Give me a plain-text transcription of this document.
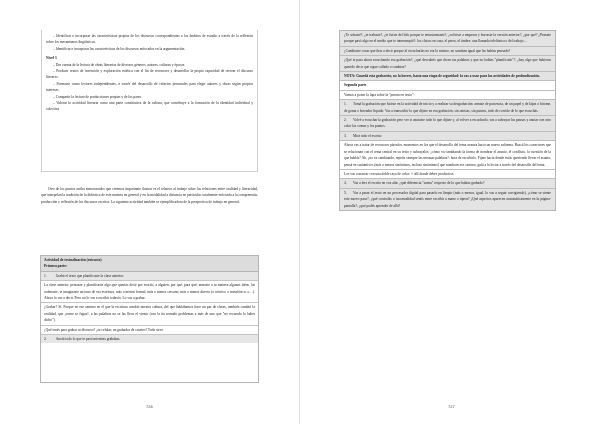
– Identificar e incorporar las características propias de los discursos correspondientes a los ámbitos de estudio a través de la reflexión sobre los mecanismos lingüísticos.
– Identificar e incorporar las características de los discursos enfocados en la argumentación.
Nivel 3
– Dar cuenta de la lectura de obras literarias de diversos géneros, autores, culturas y épocas.
– Producir textos de invención y exploración estética con el fin de reconocer y desarrollar la propia capacidad de recrear el discurso literario.
– Formarse como lectores independientes, a través del desarrollo de criterios personales para elegir autores y obras según propios intereses.
– Compartir la lectura de producciones propias y de los pares.
– Valorar la actividad literaria como una parte constitutiva de la cultura, que contribuye a la formación de la identidad individual y colectiva.
Otro de los puntos arriba mencionados que creemos importante ilustrar es el relativo al trabajo sobre las relaciones entre oralidad y literacidad, que interpelan la tradición de la didáctica de este materia en general y en la modalidad a distancia en particular, totalmente enfocada a la comprensión, producción y reflexión de los discursos escritos. La siguiente actividad también se ejemplificadora de la perspectiva de trabajo en general:
Actividad de textualización (extracto)
Primera parte:
1.	Grabá el texto que planificaste la clase anterior.
La clase anterior, pensaste y planificaste algo que querías decir por escrito, a alguien, por qué, para qué; armaste a tu manera algunas ideas, las ordenaste, te imaginaste un tono de esa escritura, más o menos formal, más o menos cercano, más o menos directo (o irónico, o metafórico, o…). Ahora lo vas a decir. Pero no lo vas a escribir todavía. Lo vas a grabar.
¿Grabar? Sí. Porque en ese camino en el que la escritura cambió nuestra cultura, del que hablábamos hace un par de clases, también cambió la oralidad, que ¡como se fugaz!: a las palabras no se las lleva el viento (con la tía tronado problemas a más de uno que "no recuerda lo haber dicho").
¿Qué tenés para grabar tu discurso? ¿tu celular, un grabador de casetes? Todo sirve.
2.	Anotá todo lo que te pasó mientras grababas.
726
¿Te sobasté?, ¿te trabaste?, ¿te fuiste del hilo porque te entusiasmaste?, ¿volviste a empezar y borraste la versión anterior?, ¿por qué? ¿Pensate porque pasó algo en el medio que te interrumpió?: los chicos en casa, el perro, el timbre, una llamada telefónica o del trabajo…
¿Cambiaste cosas que ibas a decir porque al escucharlas no era lo mismo, no sonaban igual que las habías pensado?
¿Qué te pasa ahora escuchando esa grabación?, ¿qué descubrís que dicen tus palabras y que no habías "planificado"?, ¿hay algo que hubieras querido decir que sigue callado o cambias?
NOTA: Guardá esta grabación, no la borres, hasta una etapa de seguridad: la vas a usar para las actividades de profundización.
Segunda parte
Vamos a poner la lupa sobre la "puesta en texto":
1. Tomá la grabación que hiciste en la actividad de inicio y a realizar su desgrabación: armate de paciencia, de un papel y de lápiz o birome, de goma o borrador líquido. Vas a transcribir lo que dijiste en esa grabación, sin omisas, sin puntos, todo de corrido de lo que escuchás.
2. Volvé a escuchar la grabación pero ver si anotaste todo lo que dijiste y, al volver a escucharlo, vas a subrayar las pausas y anotar con otro color las comas y los puntos.
3. Mirá todo el escrito:
Ahora vas a tratar de reconocer párrafos, momentos en los que el desarrollo del tema avanza hacia un nuevo subtema. Buscá los conectores que se relacionan con el tema central en su texto y subrayalos: ¿cómo va cambiando la forma de nombrar el asunto, el conflicto, la cuestión de la que hablás? Ah, ¿no va cambiando, repetís siempre las mismas palabras?: hora de escribirlo. Fijate hacia dónde estás queriendo llevar el asunto, pensá en sustantivos (más o menos sinónimos, incluso sinónimos) que nombran ese camino, guiá a la lector a través del desarrollo del tema.
Los vas a marcar con una doble raya de color: // allí donde debes producirse.
4. Vas a leer el escrito en voz alta: ¿qué diferencia "suena" respecto de lo que habías grabado?
5. Vas a pasar el texto en un procesador digital para pasarlo en limpio (más o menos, igual, lo vas a seguir corrigiendo), ¿cómo se siente este nuevo paso?, ¿qué controlás o incomodidad sentís entre escribir a mano o tipear? ¿Qué aspectos aparecen automáticamente en la página-pantalla?, ¿qué podés aprender de allá?
727
